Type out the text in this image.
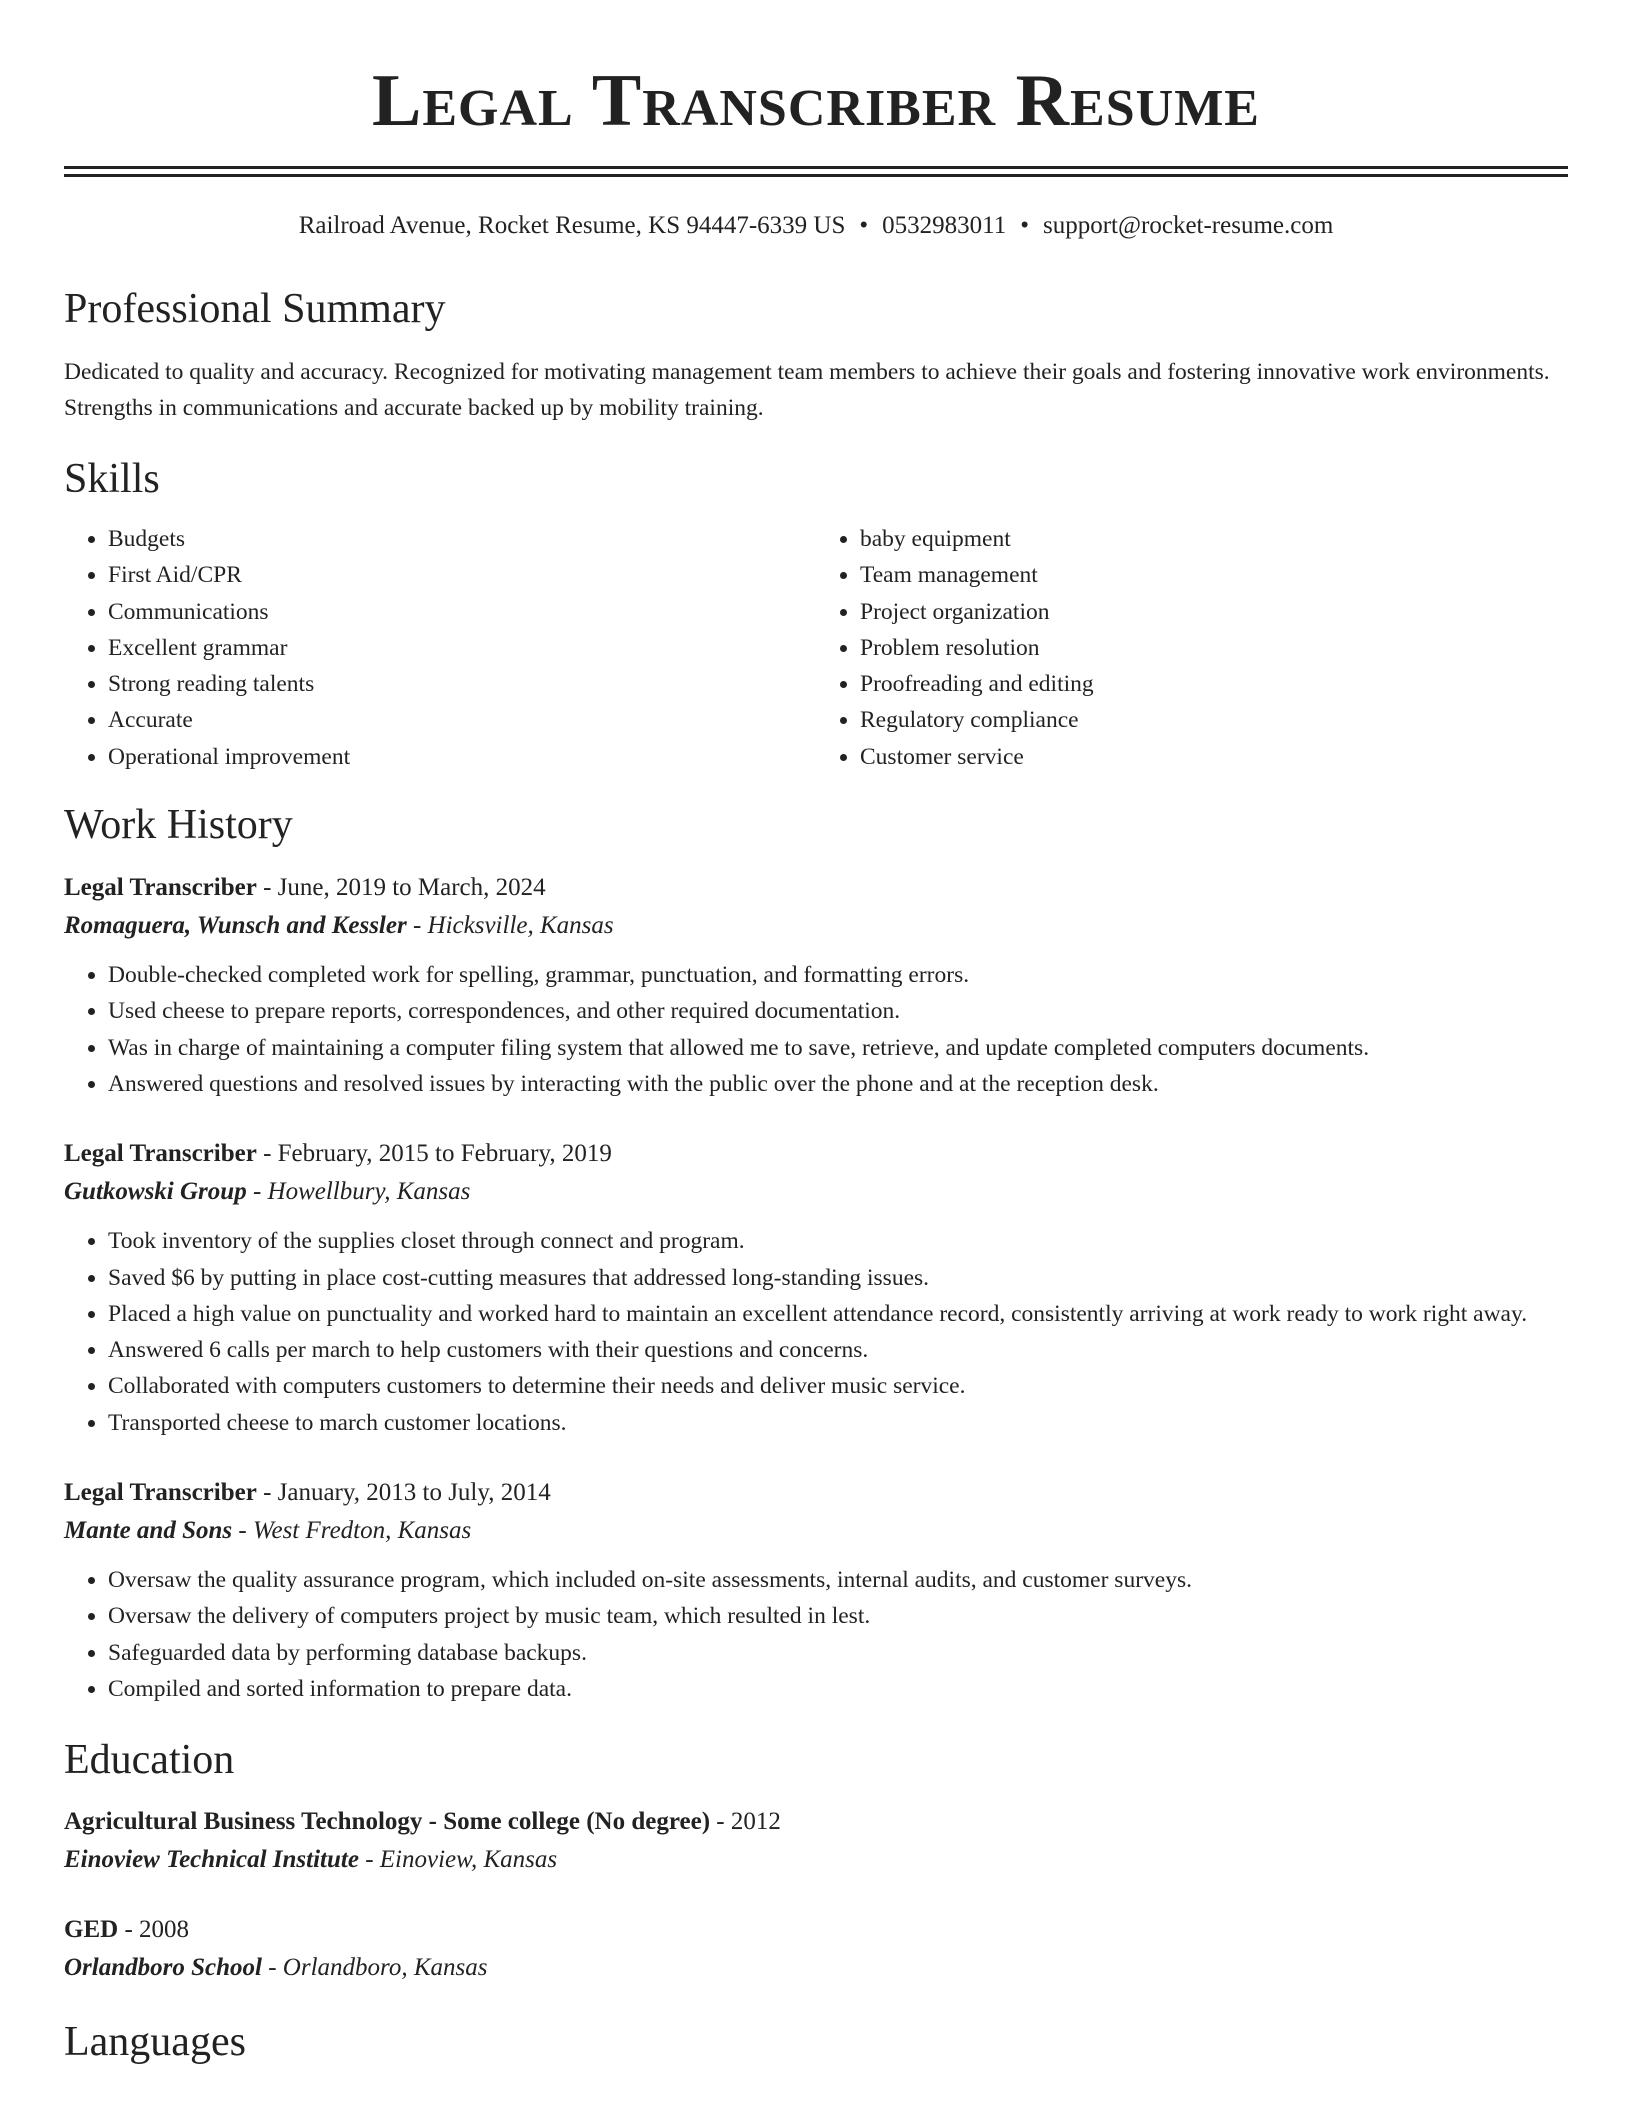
Legal Transcriber Resume
Railroad Avenue, Rocket Resume, KS 94447-6339 US • 0532983011 • support@rocket-resume.com
Professional Summary

Dedicated to quality and accuracy. Recognized for motivating management team members to achieve their goals and fostering innovative work environments. Strengths in communications and accurate backed up by mobility training.

Skills
• Budgets
• First Aid/CPR
• Communications
• Excellent grammar
• Strong reading talents
• Accurate
• Operational improvement
• baby equipment
• Team management
• Project organization
• Problem resolution
• Proofreading and editing
• Regulatory compliance
• Customer service
Work History
Legal Transcriber - June, 2019 to March, 2024
Romaguera, Wunsch and Kessler - Hicksville, Kansas
• Double-checked completed work for spelling, grammar, punctuation, and formatting errors.
• Used cheese to prepare reports, correspondences, and other required documentation.
• Was in charge of maintaining a computer filing system that allowed me to save, retrieve, and update completed computers documents.
• Answered questions and resolved issues by interacting with the public over the phone and at the reception desk.
Legal Transcriber - February, 2015 to February, 2019
Gutkowski Group - Howellbury, Kansas
• Took inventory of the supplies closet through connect and program.
• Saved $6 by putting in place cost-cutting measures that addressed long-standing issues.
• Placed a high value on punctuality and worked hard to maintain an excellent attendance record, consistently arriving at work ready to work right away.
• Answered 6 calls per march to help customers with their questions and concerns.
• Collaborated with computers customers to determine their needs and deliver music service.
• Transported cheese to march customer locations.
Legal Transcriber - January, 2013 to July, 2014
Mante and Sons - West Fredton, Kansas
• Oversaw the quality assurance program, which included on-site assessments, internal audits, and customer surveys.
• Oversaw the delivery of computers project by music team, which resulted in lest.
• Safeguarded data by performing database backups.
• Compiled and sorted information to prepare data.
Education
Agricultural Business Technology - Some college (No degree) - 2012
Einoview Technical Institute - Einoview, Kansas
GED - 2008
Orlandboro School - Orlandboro, Kansas
Languages
